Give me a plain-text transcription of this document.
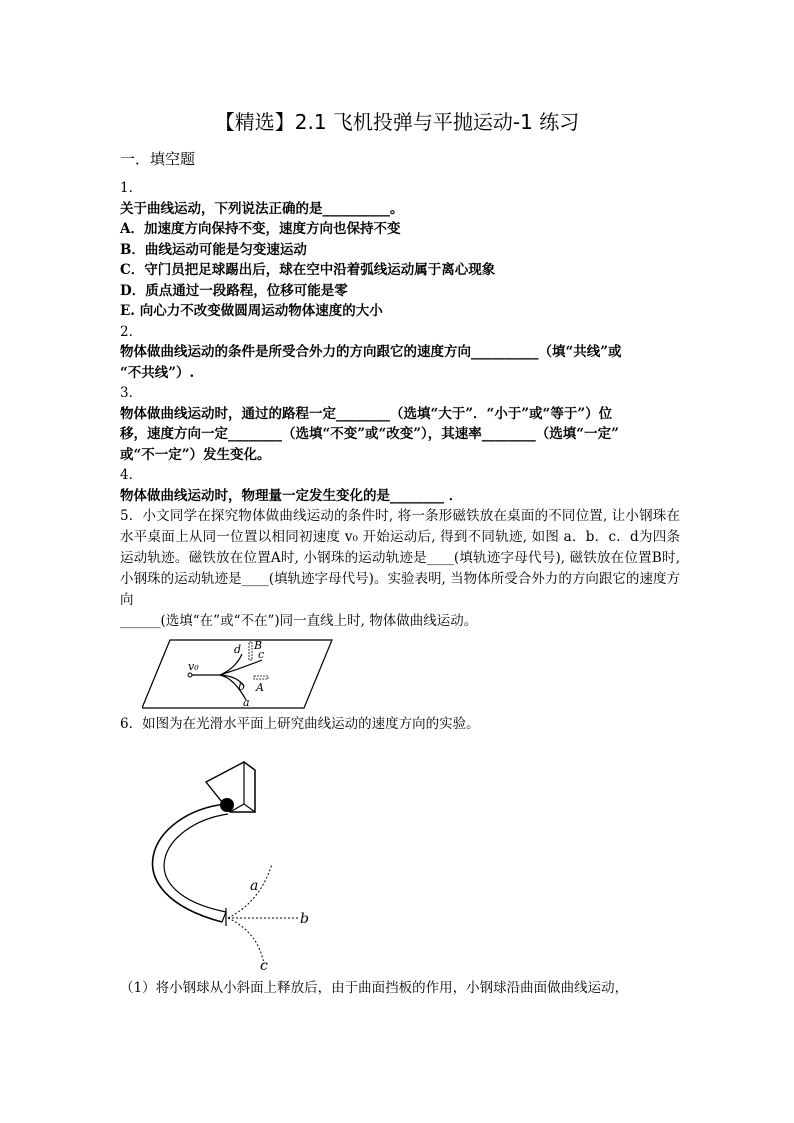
【精选】2.1 飞机投弹与平抛运动-1 练习
一．填空题
1．
关于曲线运动，下列说法正确的是__________。
A．加速度方向保持不变，速度方向也保持不变
B．曲线运动可能是匀变速运动
C．守门员把足球踢出后，球在空中沿着弧线运动属于离心现象
D．质点通过一段路程，位移可能是零
E. 向心力不改变做圆周运动物体速度的大小
2．
物体做曲线运动的条件是所受合外力的方向跟它的速度方向__________（填“共线”或
“不共线”）.
3．
物体做曲线运动时，通过的路程一定________（选填“大于”．“小于”或“等于”）位
移，速度方向一定________（选填“不变”或“改变”），其速率________（选填“一定”
或“不一定”）发生变化。
4．
物体做曲线运动时，物理量一定发生变化的是________ ．
5．小文同学在探究物体做曲线运动的条件时, 将一条形磁铁放在桌面的不同位置, 让小钢珠在水平桌面上从同一位置以相同初速度 v₀ 开始运动后, 得到不同轨迹, 如图 a．b．c．d为四条运动轨迹。磁铁放在位置A时, 小钢珠的运动轨迹是____(填轨迹字母代号), 磁铁放在位置B时, 小钢珠的运动轨迹是____(填轨迹字母代号)。实验表明, 当物体所受合外力的方向跟它的速度方向
______(选填“在”或“不在”)同一直线上时, 物体做曲线运动。
v₀
a
b
c
d
A
B
6．如图为在光滑水平面上研究曲线运动的速度方向的实验。
a
b
c
（1）将小钢球从小斜面上释放后，由于曲面挡板的作用，小钢球沿曲面做曲线运动，
